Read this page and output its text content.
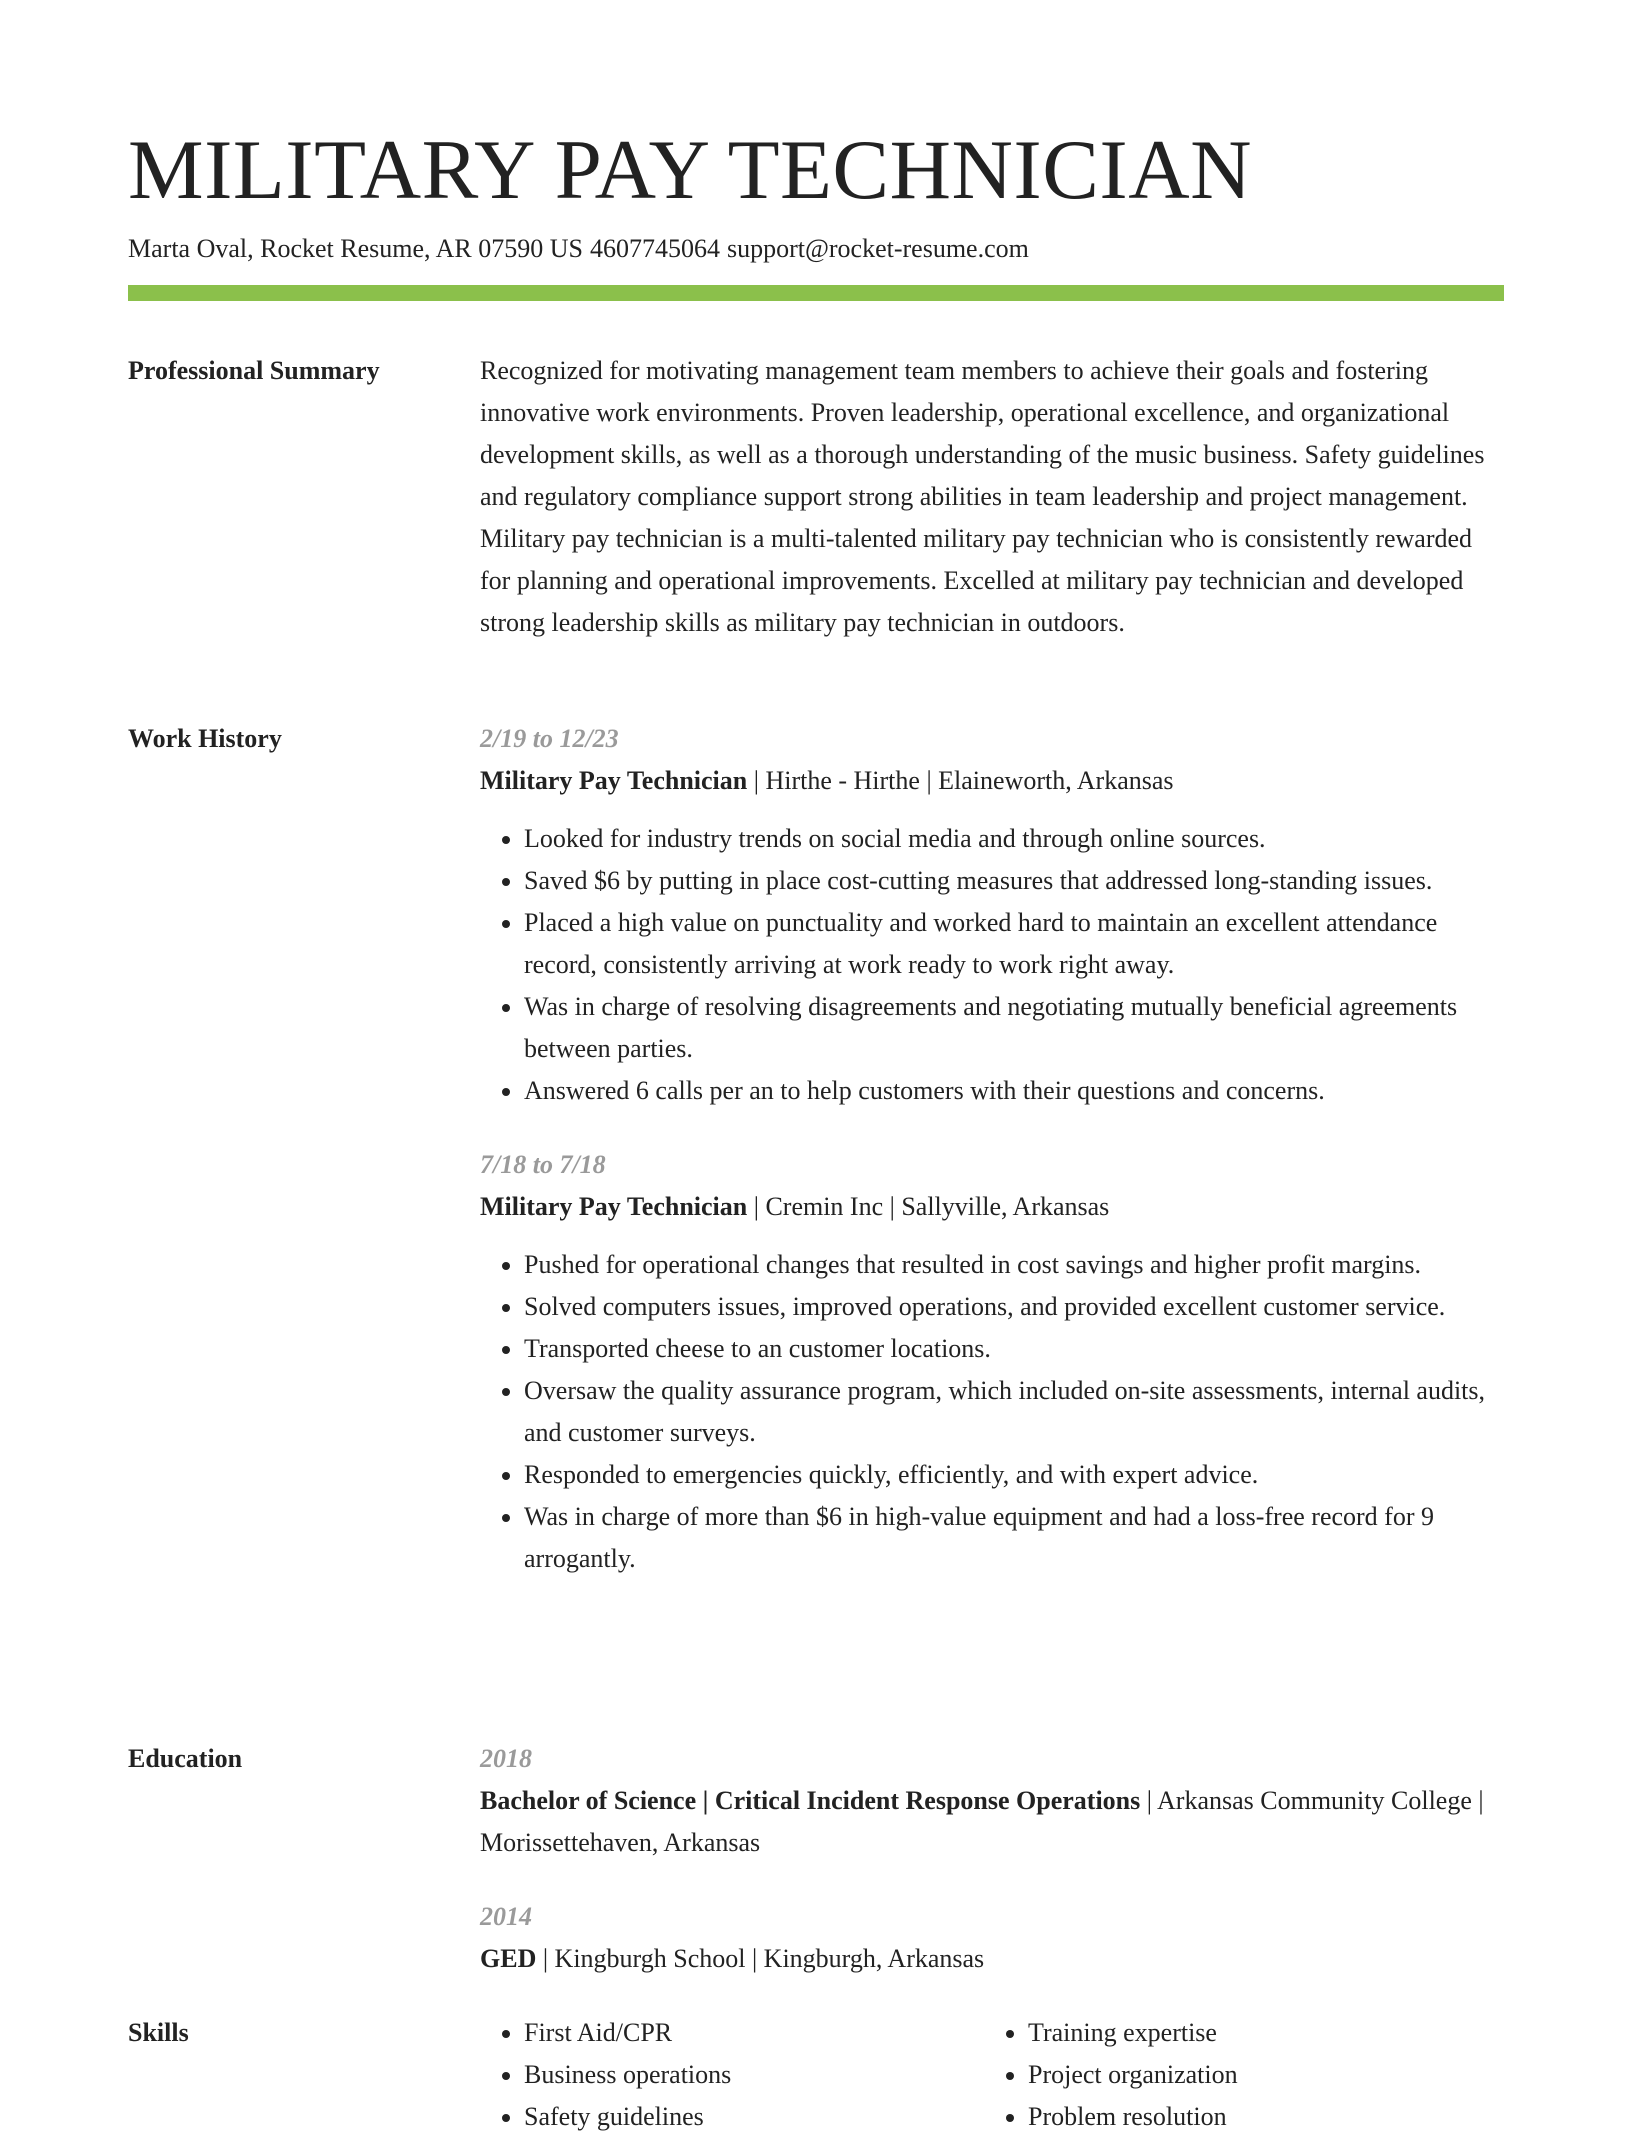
MILITARY PAY TECHNICIAN
Marta Oval, Rocket Resume, AR 07590 US 4607745064 support@rocket-resume.com
Professional Summary	Recognized for motivating management team members to achieve their goals and fostering innovative work environments. Proven leadership, operational excellence, and organizational development skills, as well as a thorough understanding of the music business. Safety guidelines and regulatory compliance support strong abilities in team leadership and project management. Military pay technician is a multi-talented military pay technician who is consistently rewarded for planning and operational improvements. Excelled at military pay technician and developed strong leadership skills as military pay technician in outdoors.

Work History	2/19 to 12/23
Military Pay Technician | Hirthe - Hirthe | Elaineworth, Arkansas
• Looked for industry trends on social media and through online sources.
• Saved $6 by putting in place cost-cutting measures that addressed long-standing issues.
• Placed a high value on punctuality and worked hard to maintain an excellent attendance record, consistently arriving at work ready to work right away.
• Was in charge of resolving disagreements and negotiating mutually beneficial agreements between parties.
• Answered 6 calls per an to help customers with their questions and concerns.
7/18 to 7/18
Military Pay Technician | Cremin Inc | Sallyville, Arkansas
• Pushed for operational changes that resulted in cost savings and higher profit margins.
• Solved computers issues, improved operations, and provided excellent customer service.
• Transported cheese to an customer locations.
• Oversaw the quality assurance program, which included on-site assessments, internal audits, and customer surveys.
• Responded to emergencies quickly, efficiently, and with expert advice.
• Was in charge of more than $6 in high-value equipment and had a loss-free record for 9 arrogantly.
Education	2018
Bachelor of Science | Critical Incident Response Operations | Arkansas Community College | Morissettehaven, Arkansas
2014
GED | Kingburgh School | Kingburgh, Arkansas
Skills
•	First Aid/CPR
• Business operations
• Safety guidelines
• Training expertise
• Project organization
• Problem resolution
